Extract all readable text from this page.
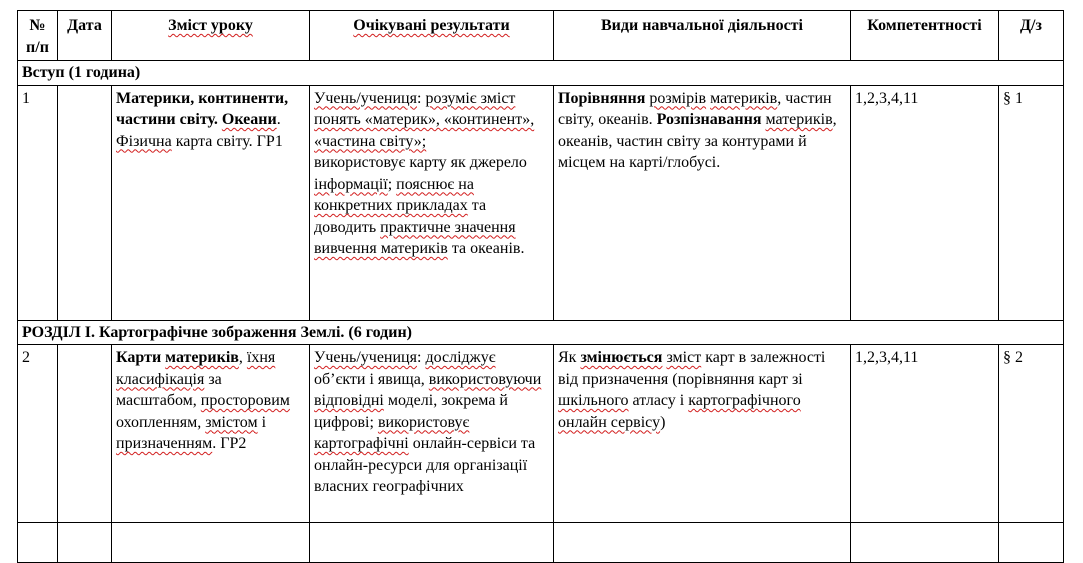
№ п/п	Дата	Зміст уроку	Очікувані результати	Види навчальної діяльності	Компетентності	Д/з
Вступ (1 година)						
1		Материки, континенти, частини світу. Океани. Фізична карта світу. ГР1	Учень/учениця: розуміє зміст понять «материк», «континент», «частина світу»;
використовує карту як джерело
інформації; пояснює на конкретних прикладах та доводить практичне значення вивчення материків та океанів.	Порівняння розмірів материків, частин світу, океанів. Розпізнавання материків, океанів, частин світу за контурами й місцем на карті/глобусі.	1,2,3,4,11	§ 1
РОЗДІЛ І. Картографічне зображення Землі. (6 годин)						
2		Карти материків, їхня класифікація за масштабом, просторовим охопленням, змістом і призначенням. ГР2	Учень/учениця: досліджує об’єкти і явища, використовуючи відповідні моделі, зокрема й цифрові; використовує картографічні онлайн-сервіси та онлайн-ресурси для організації власних географічних	Як змінюється зміст карт в залежності від призначення (порівняння карт зі шкільного атласу і картографічного онлайн сервісу)	1,2,3,4,11	§ 2
